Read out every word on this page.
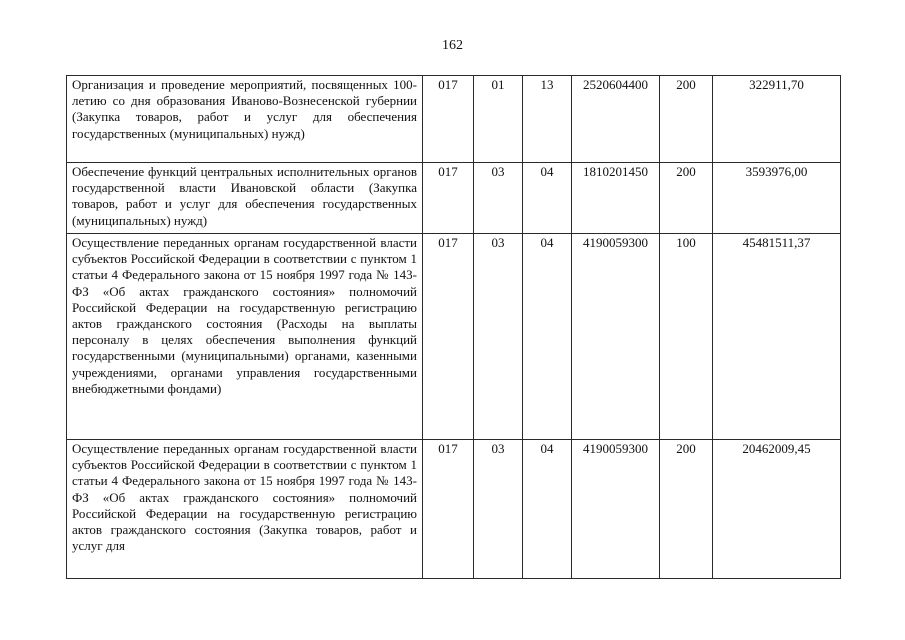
162
Организация и проведение мероприятий, посвященных 100-летию со дня образования Иваново-Вознесенской губернии (Закупка товаров, работ и услуг для обеспечения государственных (муниципальных) нужд)	017	01	13	2520604400	200	322911,70
Обеспечение функций центральных исполнительных органов государственной власти Ивановской области (Закупка товаров, работ и услуг для обеспечения государственных (муниципальных) нужд)	017	03	04	1810201450	200	3593976,00
Осуществление переданных органам государственной власти субъектов Российской Федерации в соответствии с пунктом 1 статьи 4 Федерального закона от 15 ноября 1997 года № 143-ФЗ «Об актах гражданского состояния» полномочий Российской Федерации на государственную регистрацию актов гражданского состояния (Расходы на выплаты персоналу в целях обеспечения выполнения функций государственными (муниципальными) органами, казенными учреждениями, органами управления государственными внебюджетными фондами)	017	03	04	4190059300	100	45481511,37
Осуществление переданных органам государственной власти субъектов Российской Федерации в соответствии с пунктом 1 статьи 4 Федерального закона от 15 ноября 1997 года № 143-ФЗ «Об актах гражданского состояния» полномочий Российской Федерации на государственную регистрацию актов гражданского состояния (Закупка товаров, работ и услуг для	017	03	04	4190059300	200	20462009,45
